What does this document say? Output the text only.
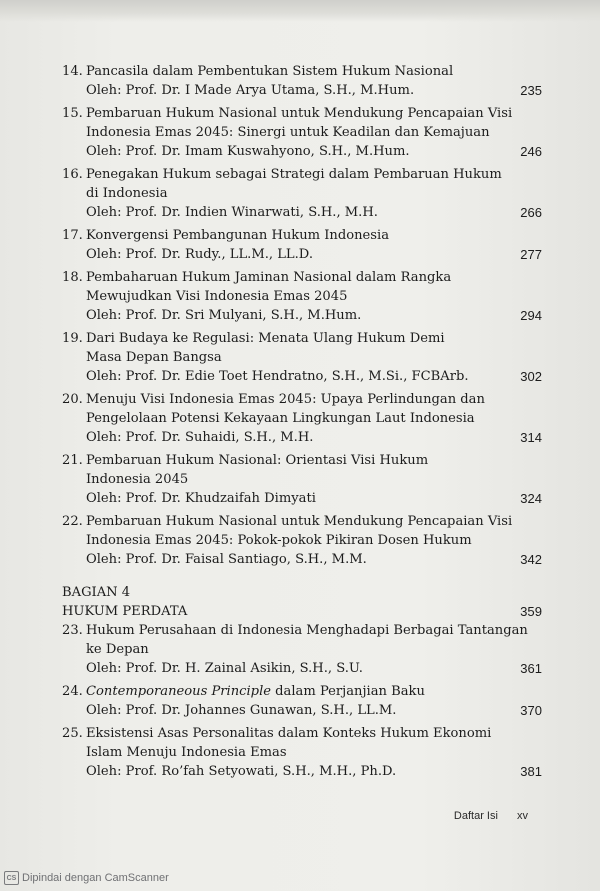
14. Pancasila dalam Pembentukan Sistem Hukum Nasional
Oleh: Prof. Dr. I Made Arya Utama, S.H., M.Hum.	235
15. Pembaruan Hukum Nasional untuk Mendukung Pencapaian Visi
Indonesia Emas 2045: Sinergi untuk Keadilan dan Kemajuan
Oleh: Prof. Dr. Imam Kuswahyono, S.H., M.Hum.	246
16. Penegakan Hukum sebagai Strategi dalam Pembaruan Hukum
di Indonesia
Oleh: Prof. Dr. Indien Winarwati, S.H., M.H.	266
17. Konvergensi Pembangunan Hukum Indonesia
Oleh: Prof. Dr. Rudy., LL.M., LL.D.	277
18. Pembaharuan Hukum Jaminan Nasional dalam Rangka
Mewujudkan Visi Indonesia Emas 2045
Oleh: Prof. Dr. Sri Mulyani, S.H., M.Hum.	294
19. Dari Budaya ke Regulasi: Menata Ulang Hukum Demi
Masa Depan Bangsa
Oleh: Prof. Dr. Edie Toet Hendratno, S.H., M.Si., FCBArb.	302
20. Menuju Visi Indonesia Emas 2045: Upaya Perlindungan dan
Pengelolaan Potensi Kekayaan Lingkungan Laut Indonesia
Oleh: Prof. Dr. Suhaidi, S.H., M.H.	314
21. Pembaruan Hukum Nasional: Orientasi Visi Hukum
Indonesia 2045
Oleh: Prof. Dr. Khudzaifah Dimyati	324
22. Pembaruan Hukum Nasional untuk Mendukung Pencapaian Visi
Indonesia Emas 2045: Pokok-pokok Pikiran Dosen Hukum
Oleh: Prof. Dr. Faisal Santiago, S.H., M.M.	342
BAGIAN 4
HUKUM PERDATA	359
23. Hukum Perusahaan di Indonesia Menghadapi Berbagai Tantangan
ke Depan
Oleh: Prof. Dr. H. Zainal Asikin, S.H., S.U.	361
24. Contemporaneous Principle dalam Perjanjian Baku
Oleh: Prof. Dr. Johannes Gunawan, S.H., LL.M.	370
25. Eksistensi Asas Personalitas dalam Konteks Hukum Ekonomi
Islam Menuju Indonesia Emas
Oleh: Prof. Ro’fah Setyowati, S.H., M.H., Ph.D.	381
Daftar Isi xv
CS Dipindai dengan CamScanner
